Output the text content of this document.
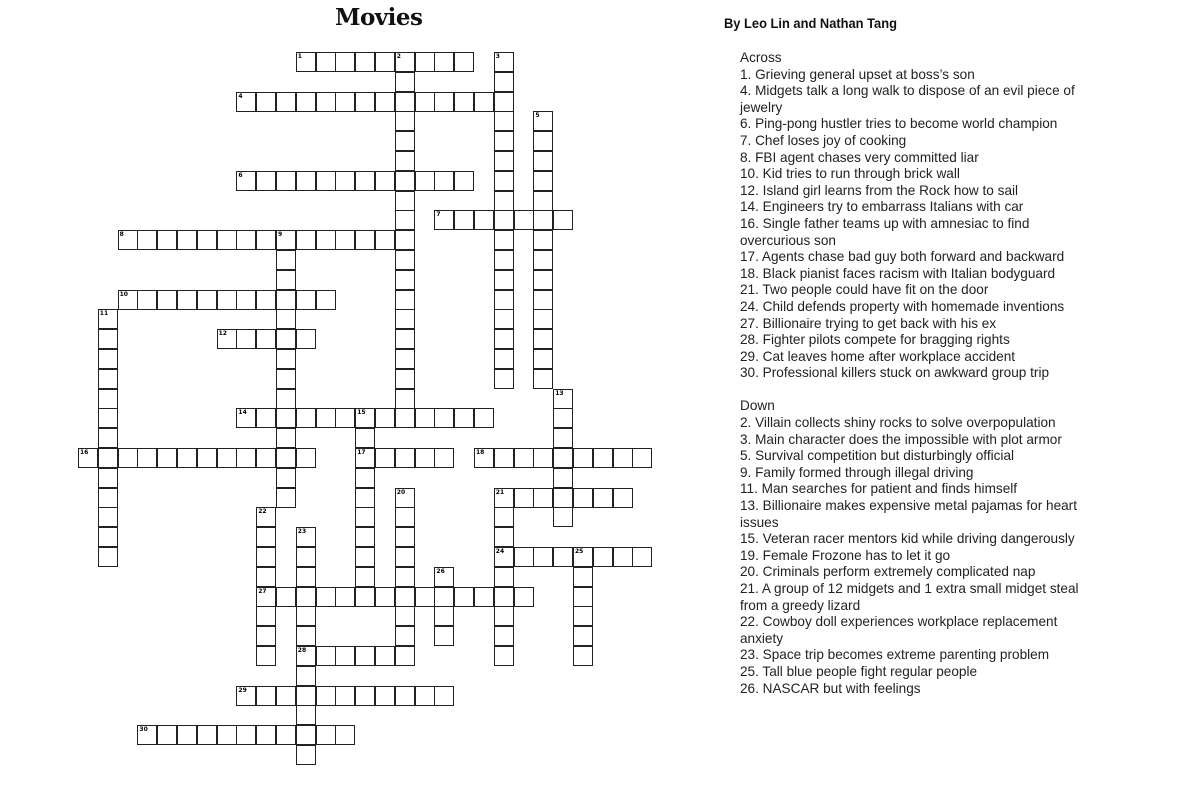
Movies	By Leo Lin and Nathan Tang
1	2	3
4
5
6
7
8	9
10
11
12
13
14	15
17
16	18
20	21
24
22
27
23
28
25
26
29
30
Across
1. Grieving general upset at boss’s son
4. Midgets talk a long walk to dispose of an evil piece of jewelry
6. Ping-pong hustler tries to become world champion
7. Chef loses joy of cooking
8. FBI agent chases very committed liar
10. Kid tries to run through brick wall
12. Island girl learns from the Rock how to sail
14. Engineers try to embarrass Italians with car
16. Single father teams up with amnesiac to find overcurious son
17. Agents chase bad guy both forward and backward
18. Black pianist faces racism with Italian bodyguard
21. Two people could have fit on the door
24. Child defends property with homemade inventions
27. Billionaire trying to get back with his ex
28. Fighter pilots compete for bragging rights
29. Cat leaves home after workplace accident
30. Professional killers stuck on awkward group trip
Down
2. Villain collects shiny rocks to solve overpopulation
3. Main character does the impossible with plot armor
5. Survival competition but disturbingly official
9. Family formed through illegal driving
11. Man searches for patient and finds himself
13. Billionaire makes expensive metal pajamas for heart issues
15. Veteran racer mentors kid while driving dangerously
19. Female Frozone has to let it go
20. Criminals perform extremely complicated nap
21. A group of 12 midgets and 1 extra small midget steal from a greedy lizard
22. Cowboy doll experiences workplace replacement anxiety
23. Space trip becomes extreme parenting problem
25. Tall blue people fight regular people
26. NASCAR but with feelings
